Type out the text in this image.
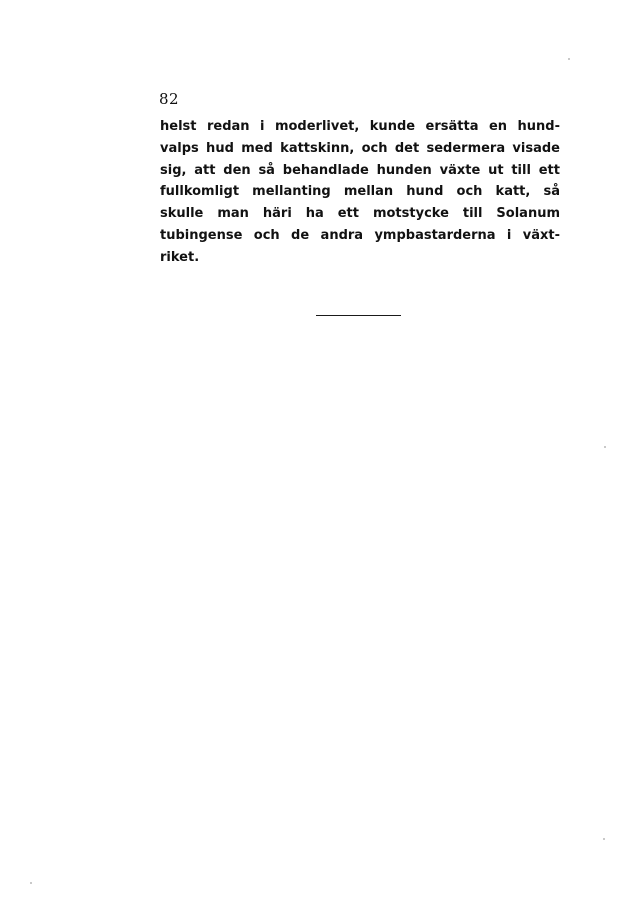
82
helst redan i moderlivet, kunde ersätta en hund-
valps hud med kattskinn, och det sedermera visade
sig, att den så behandlade hunden växte ut till ett
fullkomligt mellanting mellan hund och katt, så
skulle man häri ha ett motstycke till Solanum
tubingense och de andra ympbastarderna i växt-
riket.
